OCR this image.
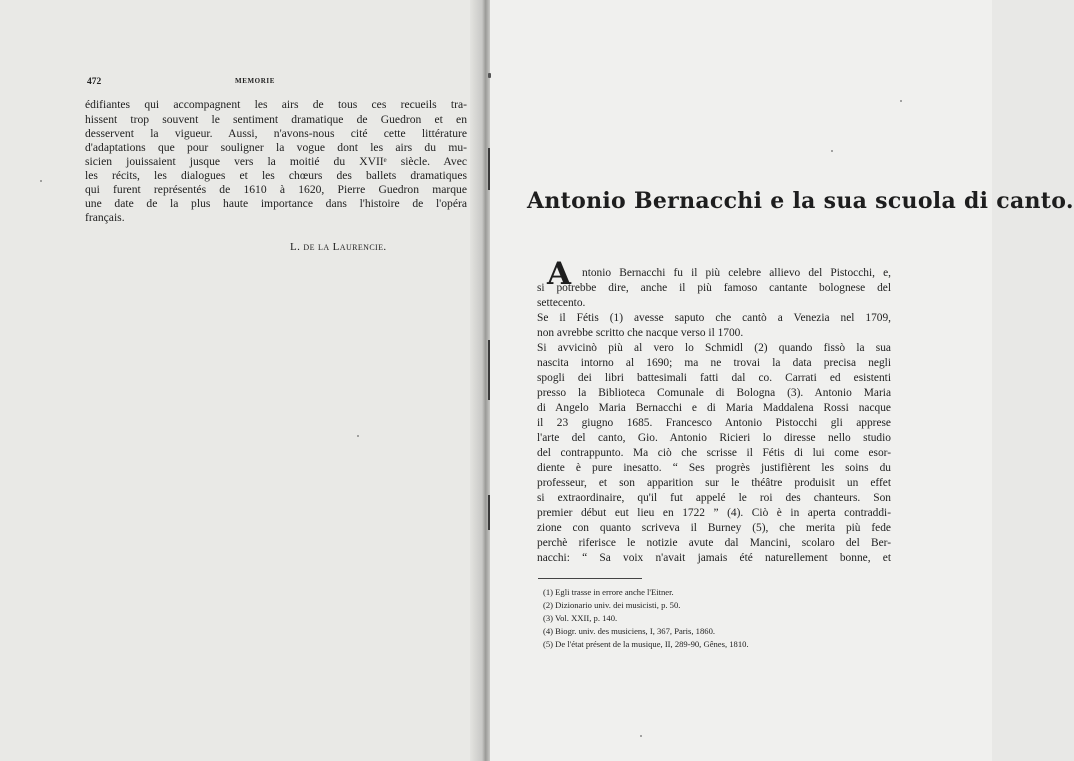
472	MEMORIE
édifiantes qui accompagnent les airs de tous ces recueils tra-
hissent trop souvent le sentiment dramatique de Guedron et en
desservent la vigueur. Aussi, n'avons-nous cité cette littérature
d'adaptations que pour souligner la vogue dont les airs du mu-
sicien jouissaient jusque vers la moitié du XVIIᵉ siècle. Avec
les récits, les dialogues et les chœurs des ballets dramatiques
qui furent représentés de 1610 à 1620, Pierre Guedron marque
une date de la plus haute importance dans l'histoire de l'opéra
français.
L. de la Laurencie.
Antonio Bernacchi e la sua scuola di canto.
A ntonio Bernacchi fu il più celebre allievo del Pistocchi, e,
si potrebbe dire, anche il più famoso cantante bolognese del
settecento.
Se il Fétis (1) avesse saputo che cantò a Venezia nel 1709,
non avrebbe scritto che nacque verso il 1700.
Si avvicinò più al vero lo Schmidl (2) quando fissò la sua
nascita intorno al 1690; ma ne trovai la data precisa negli
spogli dei libri battesimali fatti dal co. Carrati ed esistenti
presso la Biblioteca Comunale di Bologna (3). Antonio Maria
di Angelo Maria Bernacchi e di Maria Maddalena Rossi nacque
il 23 giugno 1685. Francesco Antonio Pistocchi gli apprese
l'arte del canto, Gio. Antonio Ricieri lo diresse nello studio
del contrappunto. Ma ciò che scrisse il Fétis di lui come esor-
diente è pure inesatto. “ Ses progrès justifièrent les soins du
professeur, et son apparition sur le théâtre produisit un effet
si extraordinaire, qu'il fut appelé le roi des chanteurs. Son
premier début eut lieu en 1722 ” (4). Ciò è in aperta contraddi-
zione con quanto scriveva il Burney (5), che merita più fede
perchè riferisce le notizie avute dal Mancini, scolaro del Ber-
nacchi: “ Sa voix n'avait jamais été naturellement bonne, et
(1) Egli trasse in errore anche l'Eitner.
(2) Dizionario univ. dei musicisti, p. 50.
(3) Vol. XXII, p. 140.
(4) Biogr. univ. des musiciens, I, 367, Paris, 1860.
(5) De l'état présent de la musique, II, 289-90, Gênes, 1810.
